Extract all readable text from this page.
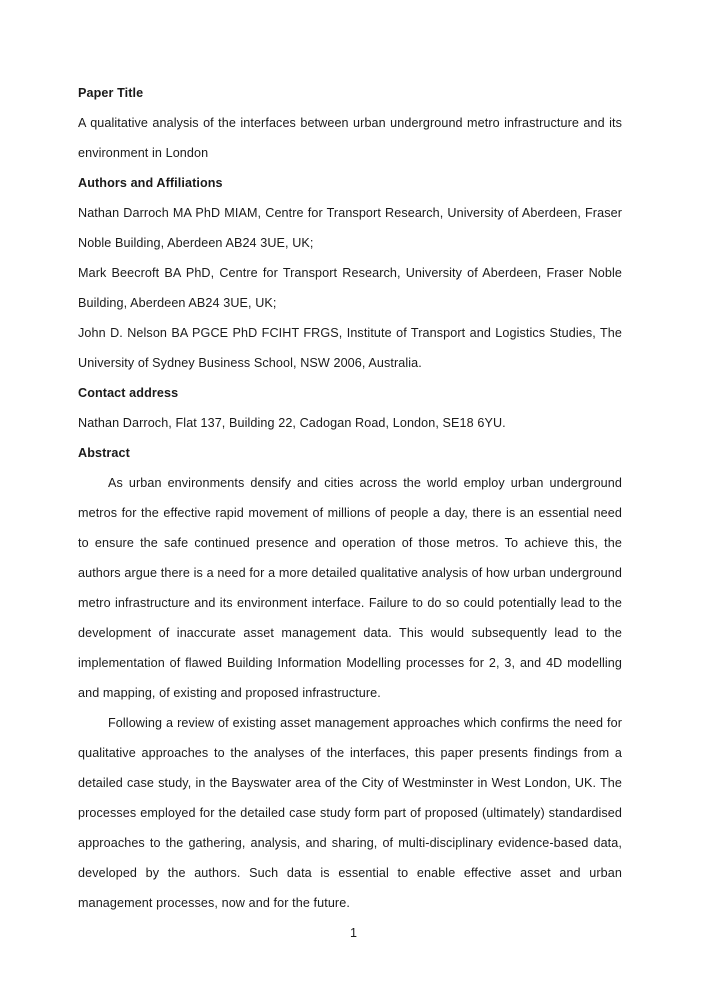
Paper Title

A qualitative analysis of the interfaces between urban underground metro infrastructure and its environment in London

Authors and Affiliations

Nathan Darroch MA PhD MIAM, Centre for Transport Research, University of Aberdeen, Fraser Noble Building, Aberdeen AB24 3UE, UK;

Mark Beecroft BA PhD, Centre for Transport Research, University of Aberdeen, Fraser Noble Building, Aberdeen AB24 3UE, UK;

John D. Nelson BA PGCE PhD FCIHT FRGS, Institute of Transport and Logistics Studies, The University of Sydney Business School, NSW 2006, Australia.

Contact address

Nathan Darroch, Flat 137, Building 22, Cadogan Road, London, SE18 6YU.

Abstract

As urban environments densify and cities across the world employ urban underground metros for the effective rapid movement of millions of people a day, there is an essential need to ensure the safe continued presence and operation of those metros. To achieve this, the authors argue there is a need for a more detailed qualitative analysis of how urban underground metro infrastructure and its environment interface. Failure to do so could potentially lead to the development of inaccurate asset management data. This would subsequently lead to the implementation of flawed Building Information Modelling processes for 2, 3, and 4D modelling and mapping, of existing and proposed infrastructure.

Following a review of existing asset management approaches which confirms the need for qualitative approaches to the analyses of the interfaces, this paper presents findings from a detailed case study, in the Bayswater area of the City of Westminster in West London, UK. The processes employed for the detailed case study form part of proposed (ultimately) standardised approaches to the gathering, analysis, and sharing, of multi-disciplinary evidence-based data, developed by the authors. Such data is essential to enable effective asset and urban management processes, now and for the future.

1
